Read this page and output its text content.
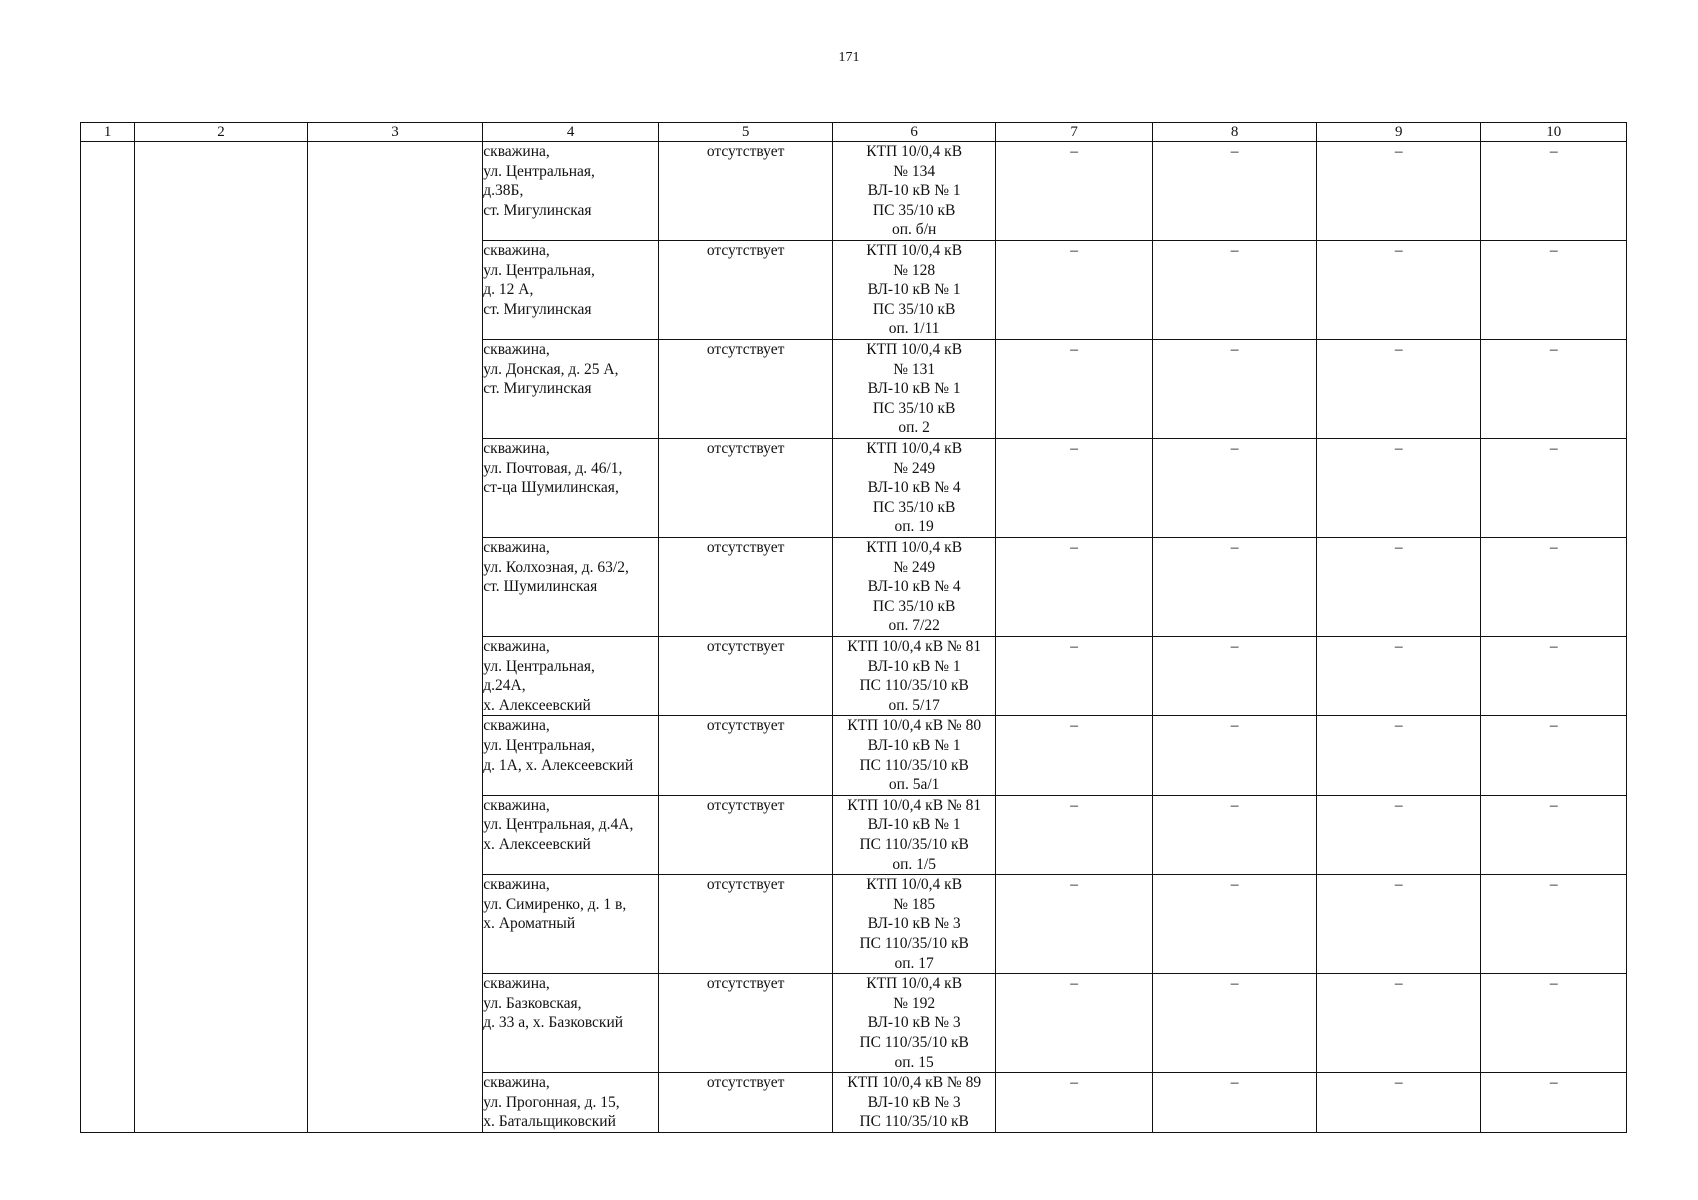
171
1	2	3	4	5	6	7	8	9	10
			скважина,
ул. Центральная,
д.38Б,
ст. Мигулинская	отсутствует	КТП 10/0,4 кВ
№ 134
ВЛ-10 кВ № 1
ПС 35/10 кВ
оп. б/н	–	–	–	–
			скважина,
ул. Центральная,
д. 12 А,
ст. Мигулинская	отсутствует	КТП 10/0,4 кВ
№ 128
ВЛ-10 кВ № 1
ПС 35/10 кВ
оп. 1/11	–	–	–	–
			скважина,
ул. Донская, д. 25 А,
ст. Мигулинская	отсутствует	КТП 10/0,4 кВ
№ 131
ВЛ-10 кВ № 1
ПС 35/10 кВ
оп. 2	–	–	–	–
			скважина,
ул. Почтовая, д. 46/1,
ст-ца Шумилинская,	отсутствует	КТП 10/0,4 кВ
№ 249
ВЛ-10 кВ № 4
ПС 35/10 кВ
оп. 19	–	–	–	–
			скважина,
ул. Колхозная, д. 63/2,
ст. Шумилинская	отсутствует	КТП 10/0,4 кВ
№ 249
ВЛ-10 кВ № 4
ПС 35/10 кВ
оп. 7/22	–	–	–	–
			скважина,
ул. Центральная,
д.24А,
х. Алексеевский	отсутствует	КТП 10/0,4 кВ № 81
ВЛ-10 кВ № 1
ПС 110/35/10 кВ
оп. 5/17	–	–	–	–
			скважина,
ул. Центральная,
д. 1А, х. Алексеевский	отсутствует	КТП 10/0,4 кВ № 80
ВЛ-10 кВ № 1
ПС 110/35/10 кВ
оп. 5а/1	–	–	–	–
			скважина,
ул. Центральная, д.4А,
х. Алексеевский	отсутствует	КТП 10/0,4 кВ № 81
ВЛ-10 кВ № 1
ПС 110/35/10 кВ
оп. 1/5	–	–	–	–
			скважина,
ул. Симиренко, д. 1 в,
х. Ароматный	отсутствует	КТП 10/0,4 кВ
№ 185
ВЛ-10 кВ № 3
ПС 110/35/10 кВ
оп. 17	–	–	–	–
			скважина,
ул. Базковская,
д. 33 а, х. Базковский	отсутствует	КТП 10/0,4 кВ
№ 192
ВЛ-10 кВ № 3
ПС 110/35/10 кВ
оп. 15	–	–	–	–
			скважина,
ул. Прогонная, д. 15,
х. Батальщиковский	отсутствует	КТП 10/0,4 кВ № 89
ВЛ-10 кВ № 3
ПС 110/35/10 кВ	–	–	–	–
